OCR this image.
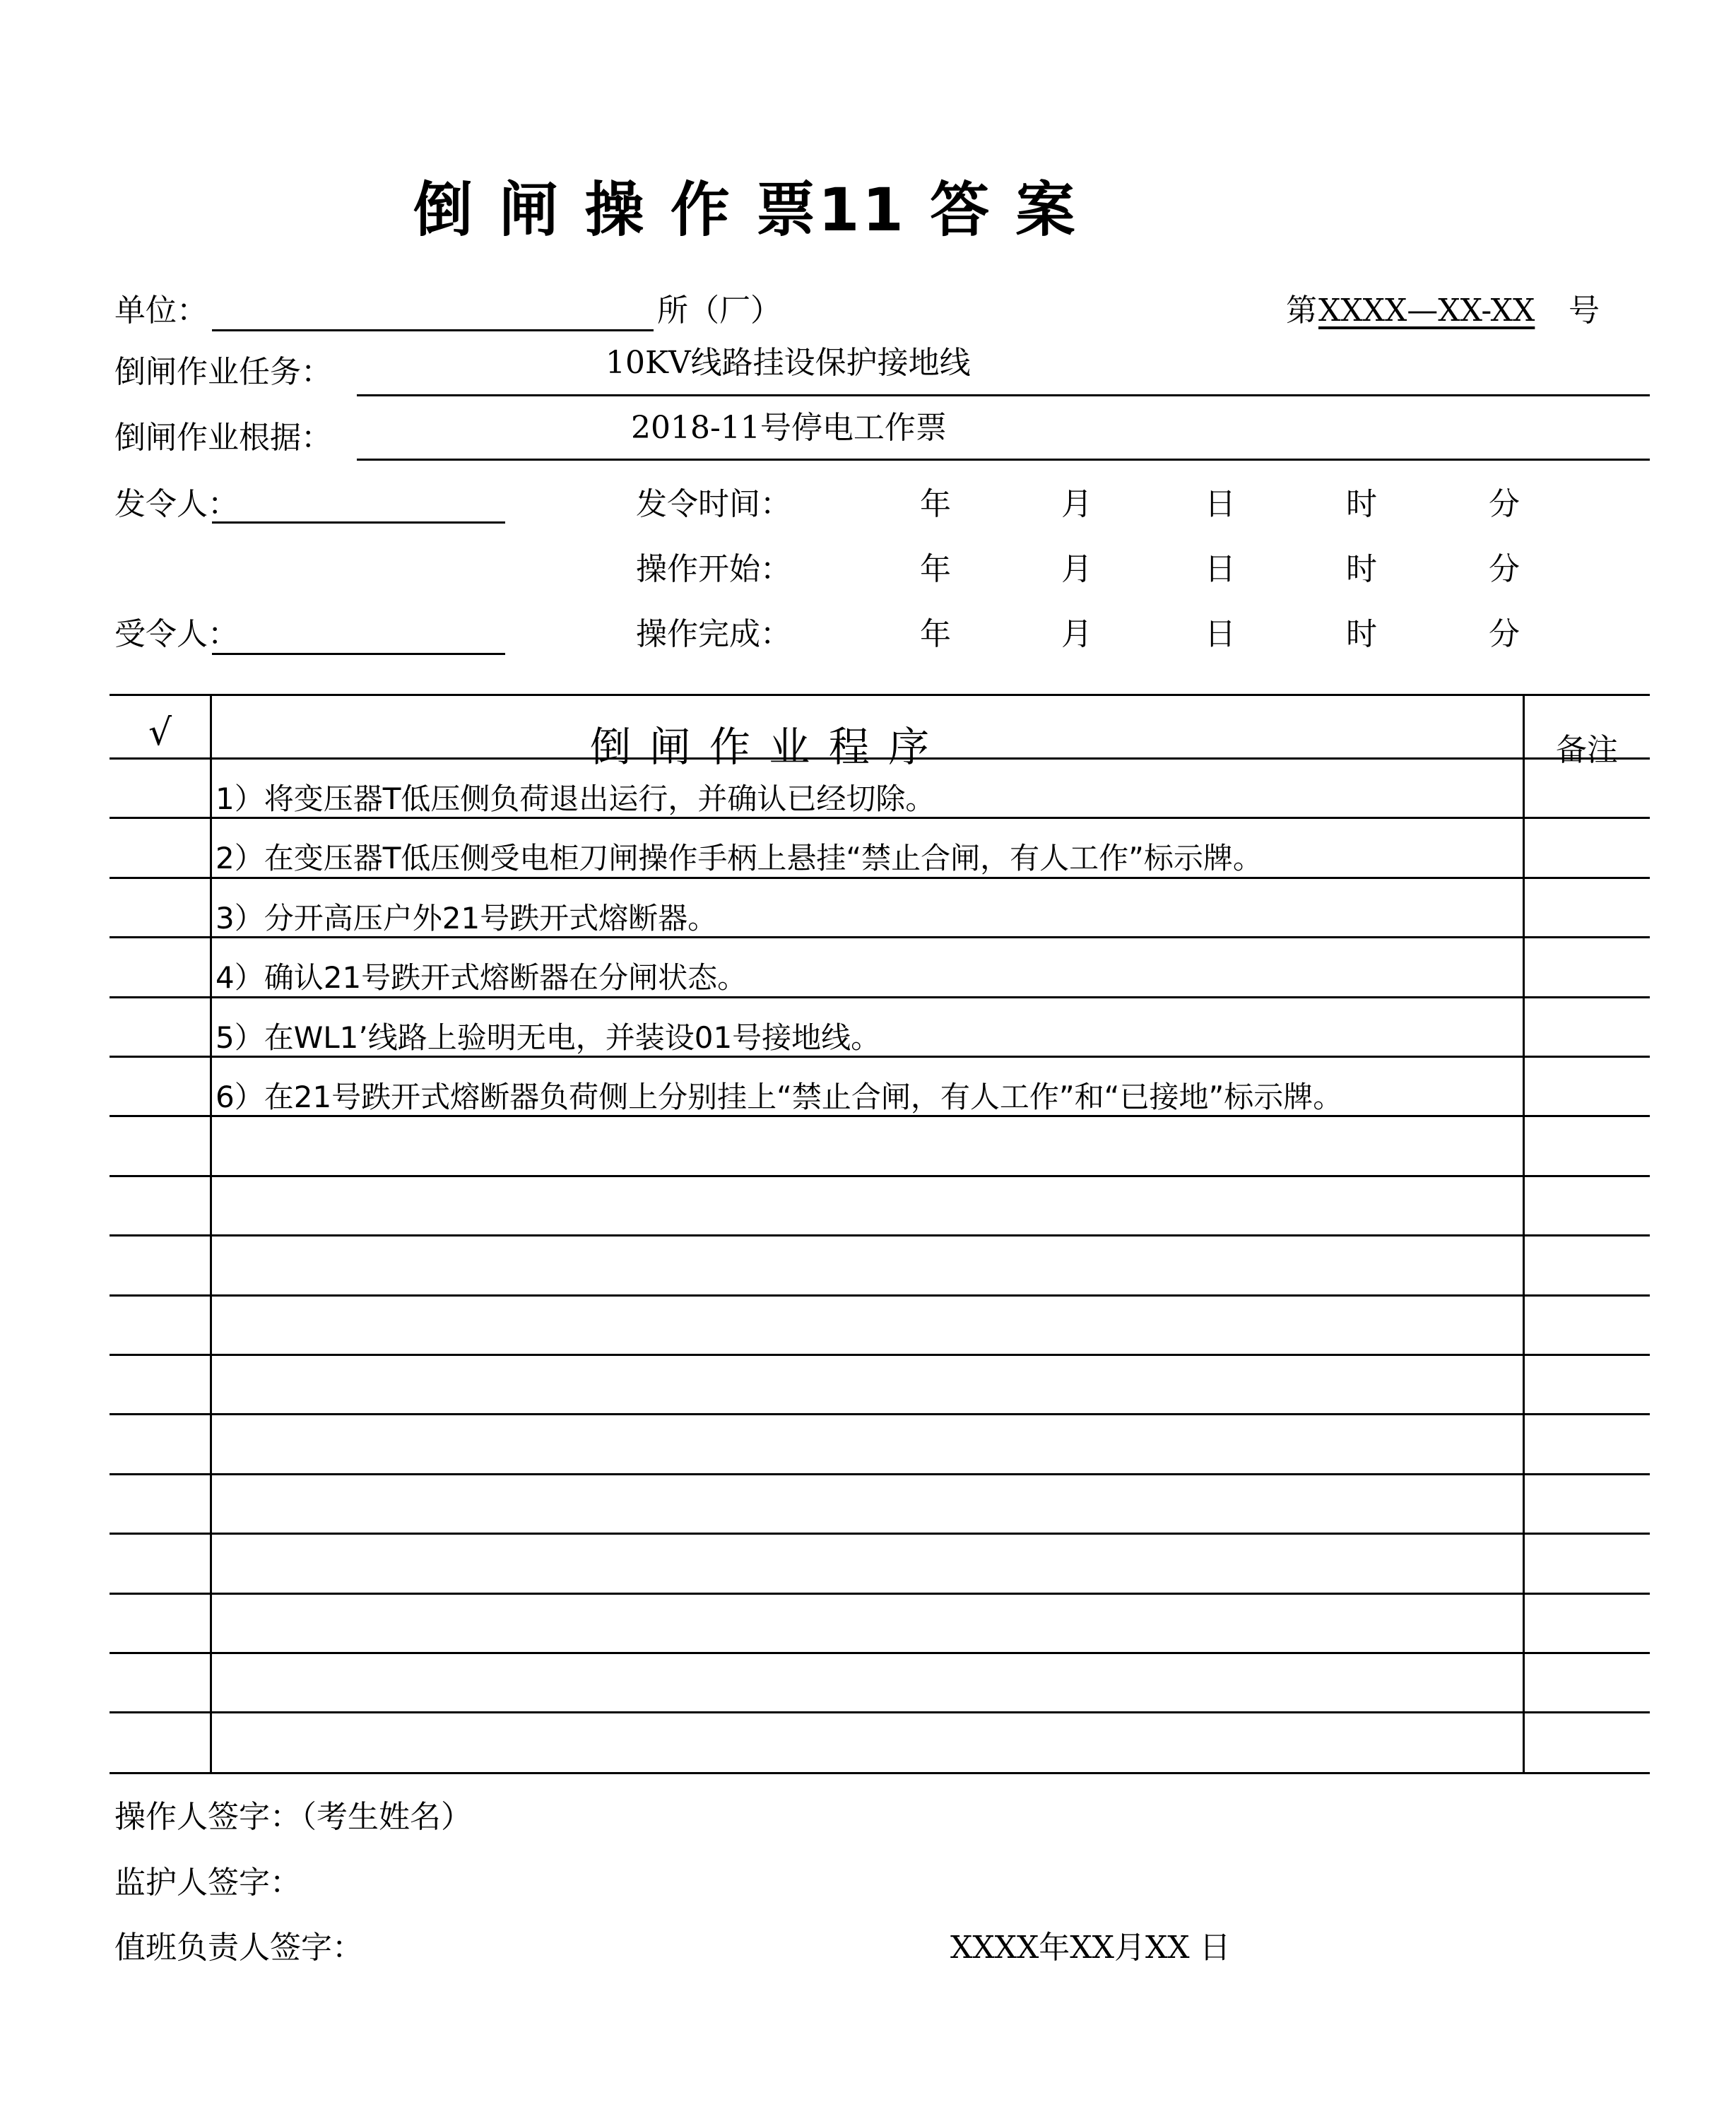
倒 闸 操 作 票11 答 案
单位：	所（厂）	第 XXXX—XX-XX 号
倒闸作业任务：	10KV线路挂设保护接地线
倒闸作业根据：	2018-11号停电工作票
发令人：
受令人：
发令时间：	年	月	日	时	分
操作开始：	年	月	日	时	分
操作完成：	年	月	日	时	分
√	倒 闸 作 业 程 序	备注
1）将变压器T低压侧负荷退出运行，并确认已经切除。
2）在变压器T低压侧受电柜刀闸操作手柄上悬挂“禁止合闸，有人工作”标示牌。
3）分开高压户外21号跌开式熔断器。
4）确认21号跌开式熔断器在分闸状态。
5）在WL1’线路上验明无电，并装设01号接地线。
6）在21号跌开式熔断器负荷侧上分别挂上“禁止合闸，有人工作”和“已接地”标示牌。
操作人签字：（考生姓名）
监护人签字：
值班负责人签字：	XXXX年XX月XX 日
